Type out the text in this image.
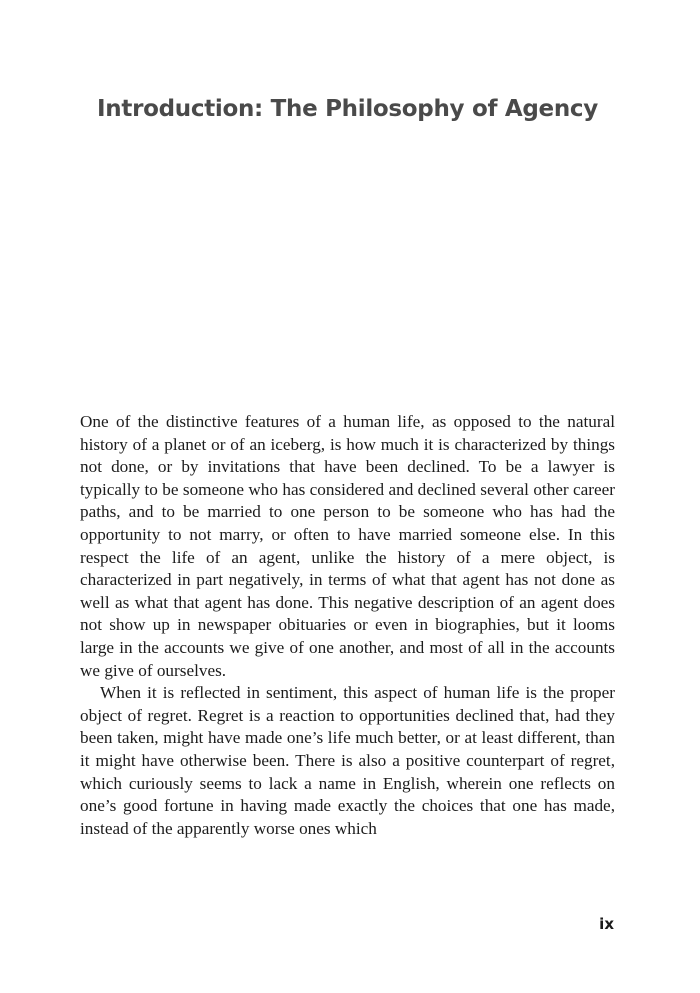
Introduction: The Philosophy of Agency

One of the distinctive features of a human life, as opposed to the natural history of a planet or of an iceberg, is how much it is characterized by things not done, or by invitations that have been declined. To be a lawyer is typically to be someone who has considered and declined several other career paths, and to be married to one person to be someone who has had the opportunity to not marry, or often to have married someone else. In this respect the life of an agent, unlike the history of a mere object, is characterized in part negatively, in terms of what that agent has not done as well as what that agent has done. This negative description of an agent does not show up in newspaper obituaries or even in biographies, but it looms large in the accounts we give of one another, and most of all in the accounts we give of ourselves.

When it is reflected in sentiment, this aspect of human life is the proper object of regret. Regret is a reaction to opportunities declined that, had they been taken, might have made one’s life much better, or at least different, than it might have otherwise been. There is also a positive counterpart of regret, which curiously seems to lack a name in English, wherein one reflects on one’s good fortune in having made exactly the choices that one has made, instead of the apparently worse ones which

ix
